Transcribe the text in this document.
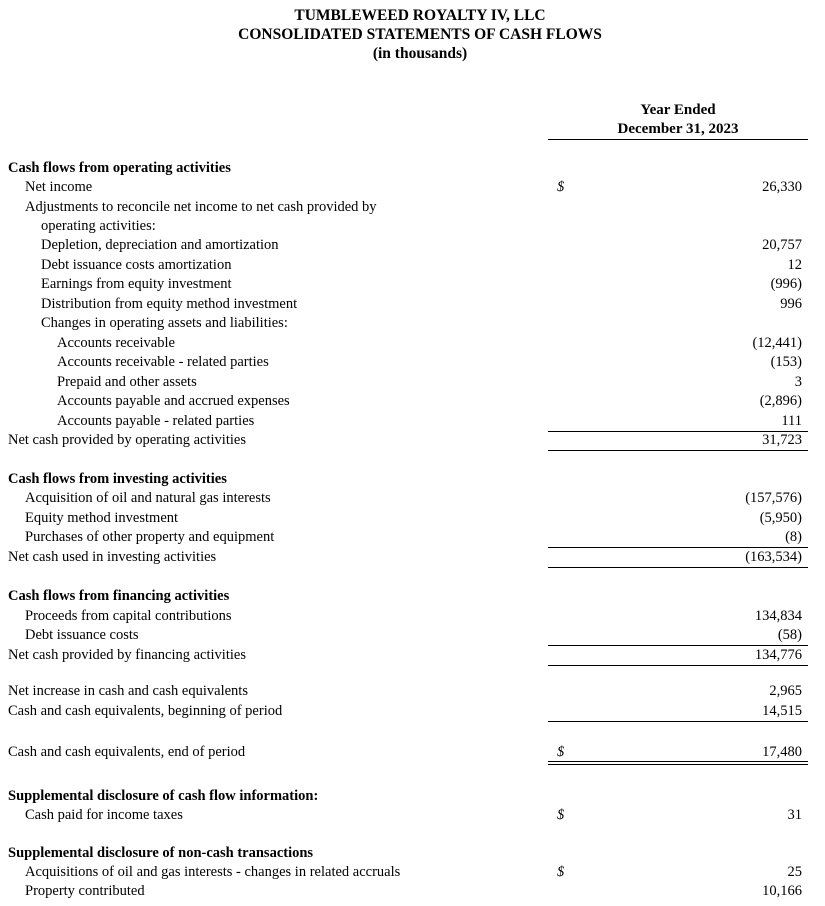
TUMBLEWEED ROYALTY IV, LLC
CONSOLIDATED STATEMENTS OF CASH FLOWS
(in thousands)
Year Ended
December 31, 2023
Cash flows from operating activities
Net income	$	26,330
Adjustments to reconcile net income to net cash provided by
operating activities:
Depletion, depreciation and amortization	20,757
Debt issuance costs amortization	12
Earnings from equity investment	(996)
Distribution from equity method investment	996
Changes in operating assets and liabilities:
Accounts receivable	(12,441)
Accounts receivable - related parties	(153)
Prepaid and other assets	3
Accounts payable and accrued expenses	(2,896)
Accounts payable - related parties	111
Net cash provided by operating activities	31,723
Cash flows from investing activities
Acquisition of oil and natural gas interests	(157,576)
Equity method investment	(5,950)
Purchases of other property and equipment	(8)
Net cash used in investing activities	(163,534)
Cash flows from financing activities
Proceeds from capital contributions	134,834
Debt issuance costs	(58)
Net cash provided by financing activities	134,776
Net increase in cash and cash equivalents	2,965
Cash and cash equivalents, beginning of period	14,515
Cash and cash equivalents, end of period	$	17,480
Supplemental disclosure of cash flow information:
Cash paid for income taxes	$	31
Supplemental disclosure of non-cash transactions
Acquisitions of oil and gas interests - changes in related accruals	$	25
Property contributed	10,166
